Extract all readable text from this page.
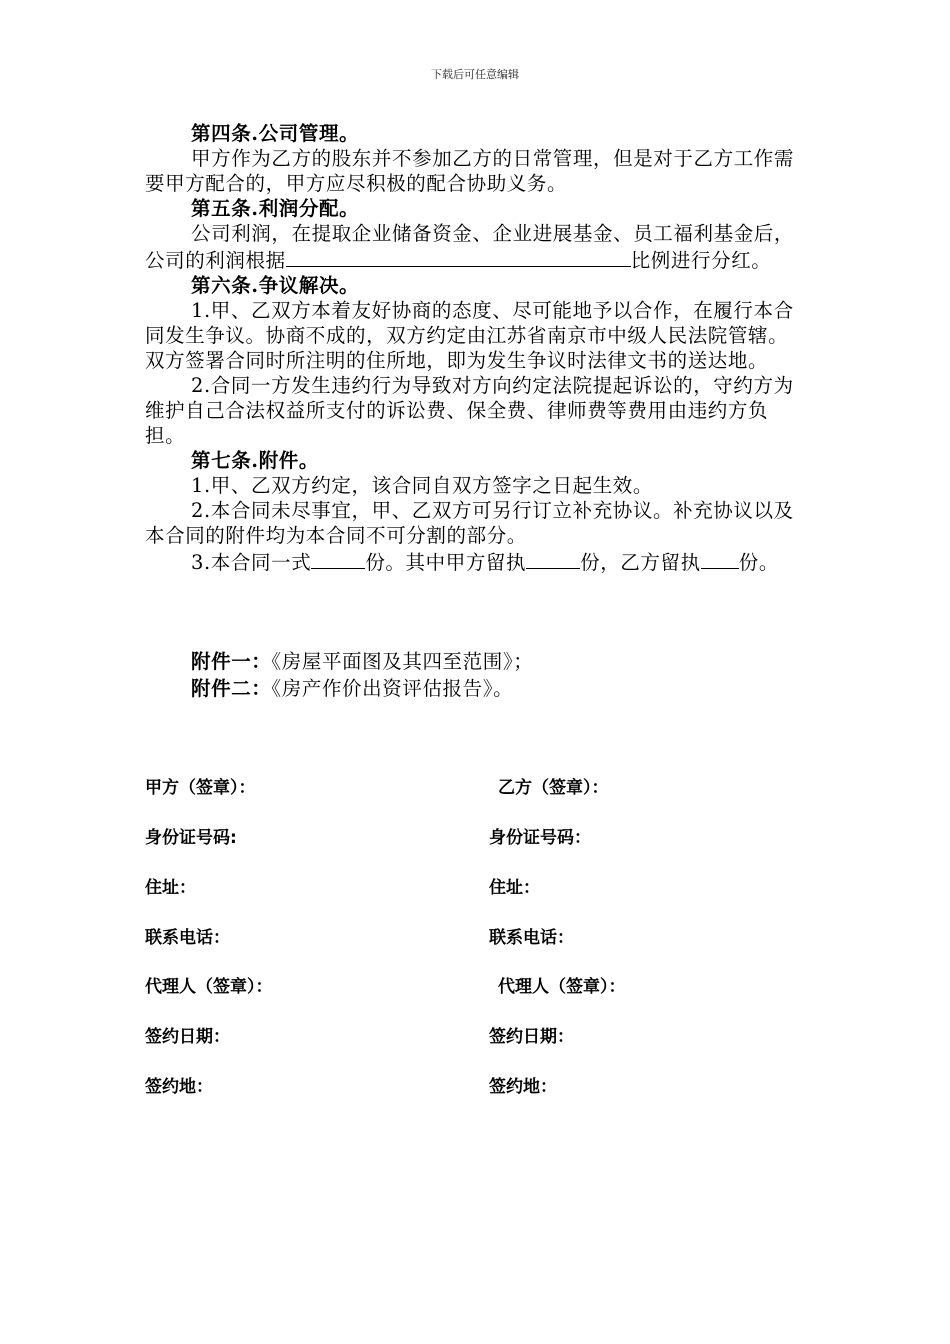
下载后可任意编辑

第四条.公司管理。

甲方作为乙方的股东并不参加乙方的日常管理，但是对于乙方工作需要甲方配合的，甲方应尽积极的配合协助义务。

第五条.利润分配。

公司利润，在提取企业储备资金、企业进展基金、员工福利基金后，公司的利润根据	比例进行分红。

第六条.争议解决。

1.甲、乙双方本着友好协商的态度、尽可能地予以合作，在履行本合同发生争议。协商不成的，双方约定由江苏省南京市中级人民法院管辖。双方签署合同时所注明的住所地，即为发生争议时法律文书的送达地。

2.合同一方发生违约行为导致对方向约定法院提起诉讼的，守约方为维护自己合法权益所支付的诉讼费、保全费、律师费等费用由违约方负担。

第七条.附件。

1.甲、乙双方约定，该合同自双方签字之日起生效。

2.本合同未尽事宜，甲、乙双方可另行订立补充协议。补充协议以及本合同的附件均为本合同不可分割的部分。

3.本合同一式	份。其中甲方留执	份，乙方留执 份。

附件一：《房屋平面图及其四至范围》；
附件二：《房产作价出资评估报告》。
甲方（签章）：	乙方（签章）：
身份证号码:	身份证号码：
住址：	住址：
联系电话：	联系电话：
代理人（签章）：	代理人（签章）：
签约日期：	签约日期：
签约地：	签约地：
